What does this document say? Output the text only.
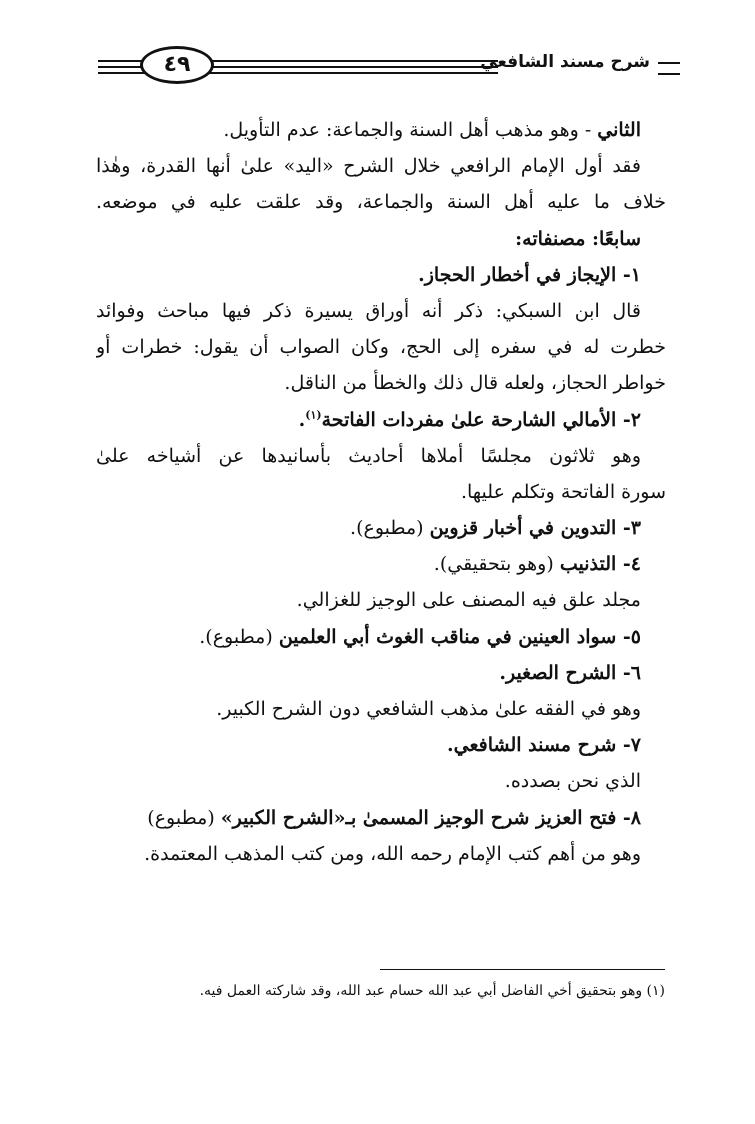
شرح مسند الشافعي
٤٩
الثاني - وهو مذهب أهل السنة والجماعة: عدم التأويل.
فقد أول الإمام الرافعي خلال الشرح «اليد» علىٰ أنها القدرة، وهٰذا
خلاف ما عليه أهل السنة والجماعة، وقد علقت عليه في موضعه.
سابعًا: مصنفاته:
١- الإيجاز في أخطار الحجاز.
قال ابن السبكي: ذكر أنه أوراق يسيرة ذكر فيها مباحث وفوائد
خطرت له في سفره إلى الحج، وكان الصواب أن يقول: خطرات أو
خواطر الحجاز، ولعله قال ذلك والخطأ من الناقل.
٢- الأمالي الشارحة علىٰ مفردات الفاتحة$^{(١)}$.
وهو ثلاثون مجلسًا أملاها أحاديث بأسانيدها عن أشياخه علىٰ
سورة الفاتحة وتكلم عليها.
٣- التدوين في أخبار قزوين (مطبوع).
٤- التذنيب (وهو بتحقيقي).
مجلد علق فيه المصنف على الوجيز للغزالي.
٥- سواد العينين في مناقب الغوث أبي العلمين (مطبوع).
٦- الشرح الصغير.
وهو في الفقه علىٰ مذهب الشافعي دون الشرح الكبير.
٧- شرح مسند الشافعي.
الذي نحن بصدده.
٨- فتح العزيز شرح الوجيز المسمىٰ بـ«الشرح الكبير» (مطبوع)
وهو من أهم كتب الإمام رحمه الله، ومن كتب المذهب المعتمدة.
(١) وهو بتحقيق أخي الفاضل أبي عبد الله حسام عبد الله، وقد شاركته العمل فيه.
